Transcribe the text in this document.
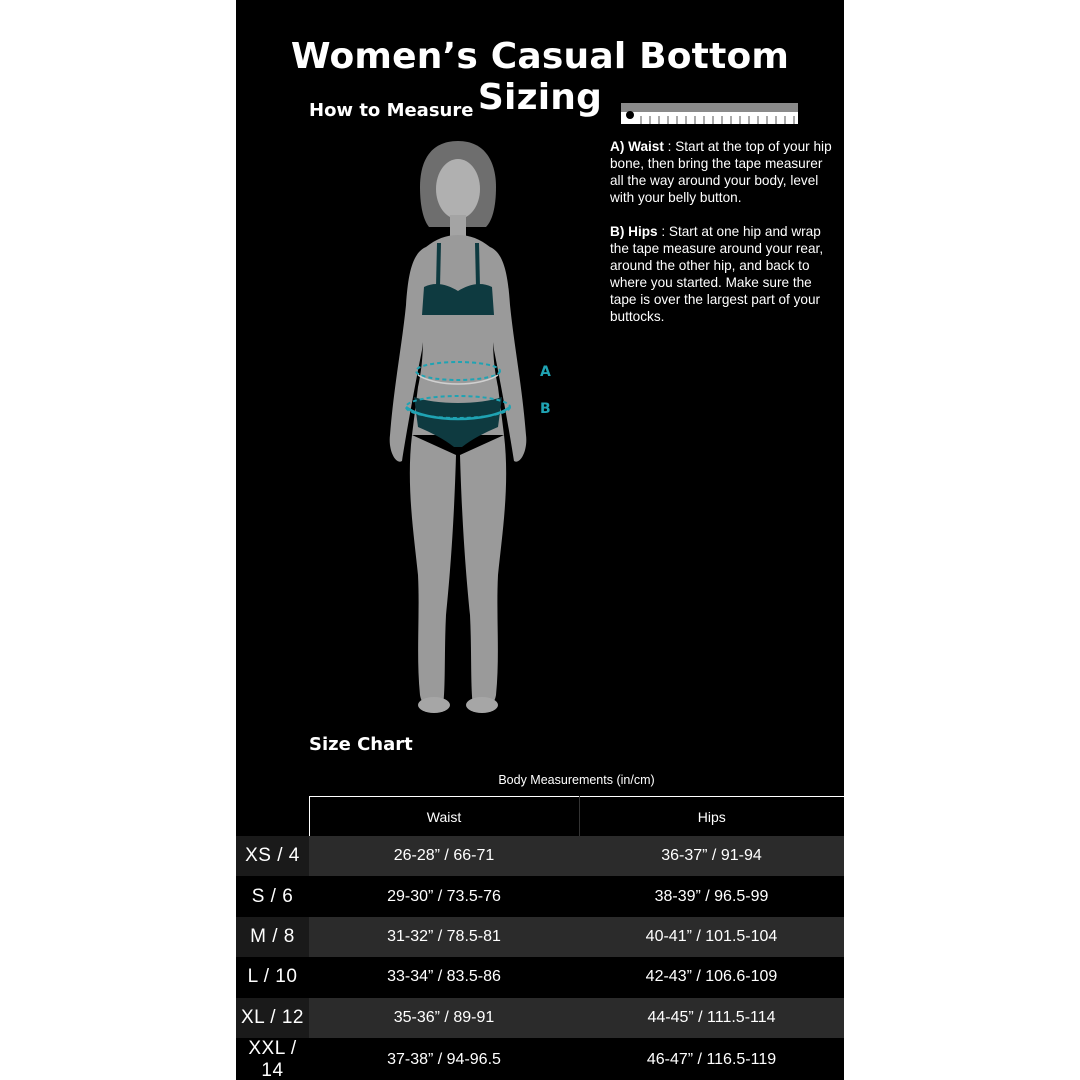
Women’s Casual Bottom Sizing
How to Measure

A) Waist : Start at the top of your hip bone, then bring the tape measurer all the way around your body, level with your belly button.

B) Hips : Start at one hip and wrap the tape measure around your rear, around the other hip, and back to where you started. Make sure the tape is over the largest part of your buttocks.

A
B
Size Chart
Body Measurements (in/cm)
	Waist	Hips
XS / 4	26-28” / 66-71	36-37” / 91-94
S / 6	29-30” / 73.5-76	38-39” / 96.5-99
M / 8	31-32” / 78.5-81	40-41” / 101.5-104
L / 10	33-34” / 83.5-86	42-43” / 106.6-109
XL / 12	35-36” / 89-91	44-45” / 111.5-114
XXL / 14	37-38” / 94-96.5	46-47” / 116.5-119
